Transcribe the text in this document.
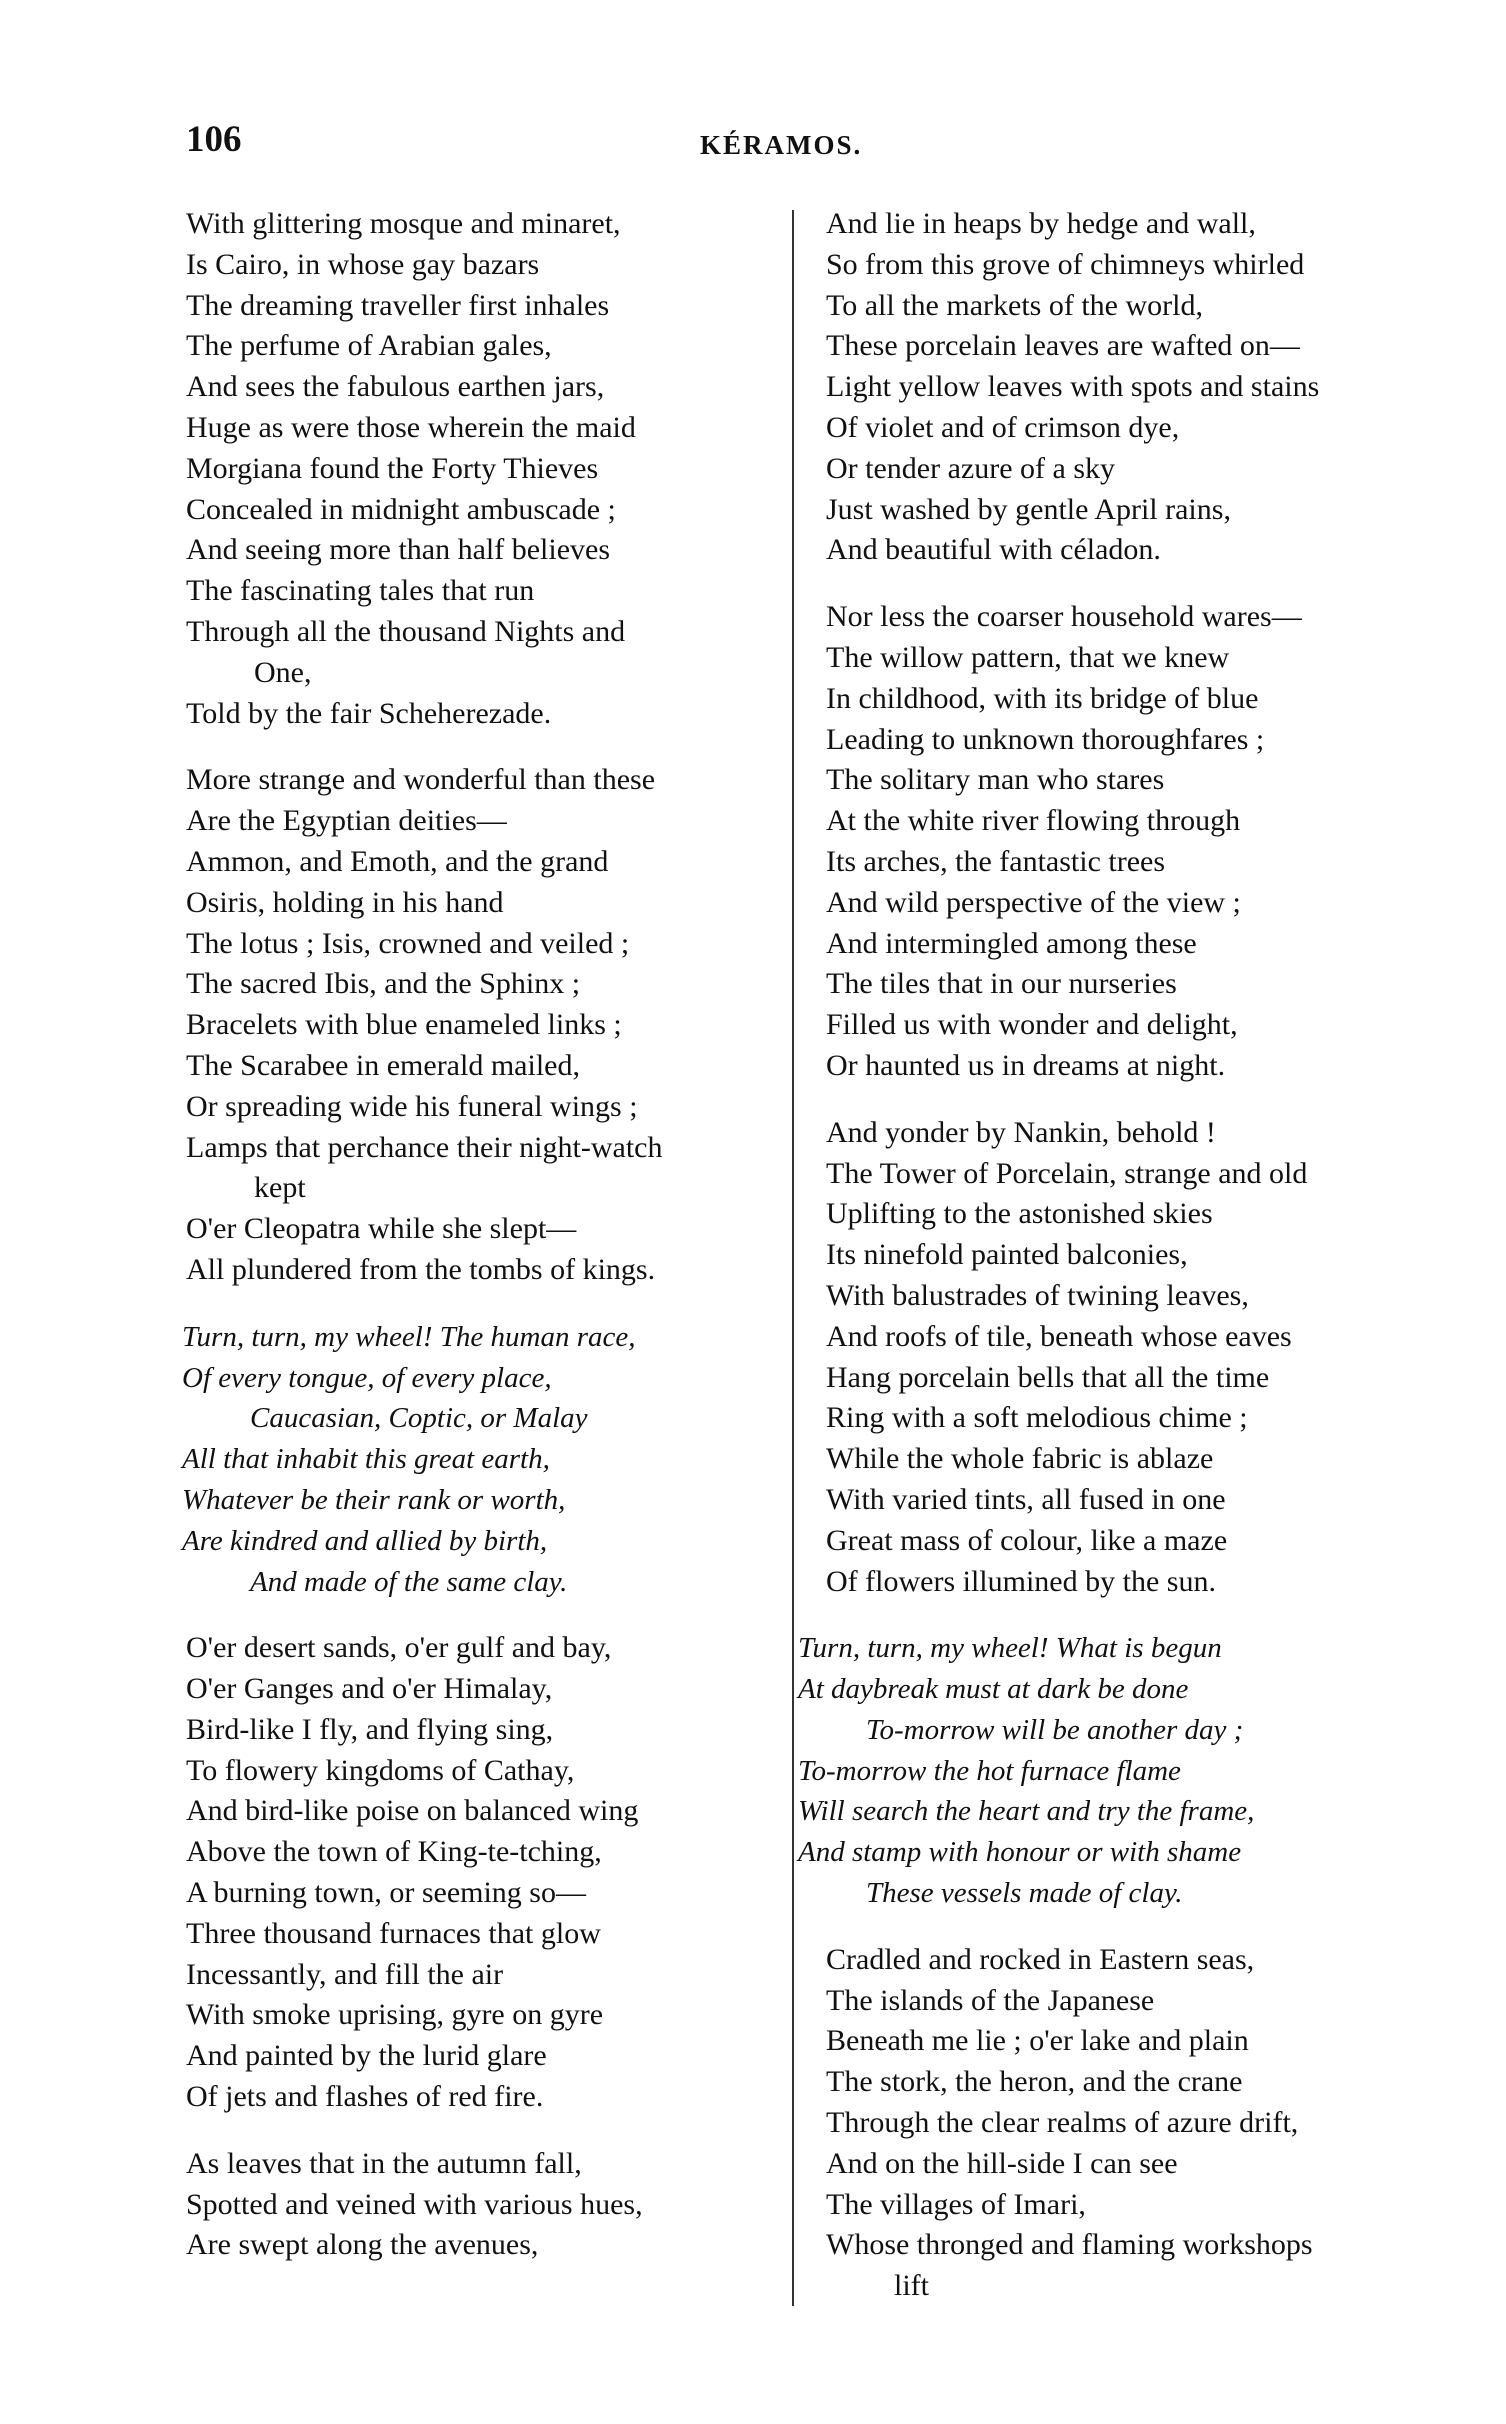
106	KÉRAMOS.
With glittering mosque and minaret,
Is Cairo, in whose gay bazars
The dreaming traveller first inhales
The perfume of Arabian gales,
And sees the fabulous earthen jars,
Huge as were those wherein the maid
Morgiana found the Forty Thieves
Concealed in midnight ambuscade ;
And seeing more than half believes
The fascinating tales that run
Through all the thousand Nights and
One,
Told by the fair Scheherezade.
More strange and wonderful than these
Are the Egyptian deities—
Ammon, and Emoth, and the grand
Osiris, holding in his hand
The lotus ; Isis, crowned and veiled ;
The sacred Ibis, and the Sphinx ;
Bracelets with blue enameled links ;
The Scarabee in emerald mailed,
Or spreading wide his funeral wings ;
Lamps that perchance their night-watch
kept
O'er Cleopatra while she slept—
All plundered from the tombs of kings.
Turn, turn, my wheel! The human race,
Of every tongue, of every place,
Caucasian, Coptic, or Malay
All that inhabit this great earth,
Whatever be their rank or worth,
Are kindred and allied by birth,
And made of the same clay.
O'er desert sands, o'er gulf and bay,
O'er Ganges and o'er Himalay,
Bird-like I fly, and flying sing,
To flowery kingdoms of Cathay,
And bird-like poise on balanced wing
Above the town of King-te-tching,
A burning town, or seeming so—
Three thousand furnaces that glow
Incessantly, and fill the air
With smoke uprising, gyre on gyre
And painted by the lurid glare
Of jets and flashes of red fire.
As leaves that in the autumn fall,
Spotted and veined with various hues,
Are swept along the avenues,
And lie in heaps by hedge and wall,
So from this grove of chimneys whirled
To all the markets of the world,
These porcelain leaves are wafted on—
Light yellow leaves with spots and stains
Of violet and of crimson dye,
Or tender azure of a sky
Just washed by gentle April rains,
And beautiful with céladon.
Nor less the coarser household wares—
The willow pattern, that we knew
In childhood, with its bridge of blue
Leading to unknown thoroughfares ;
The solitary man who stares
At the white river flowing through
Its arches, the fantastic trees
And wild perspective of the view ;
And intermingled among these
The tiles that in our nurseries
Filled us with wonder and delight,
Or haunted us in dreams at night.
And yonder by Nankin, behold !
The Tower of Porcelain, strange and old
Uplifting to the astonished skies
Its ninefold painted balconies,
With balustrades of twining leaves,
And roofs of tile, beneath whose eaves
Hang porcelain bells that all the time
Ring with a soft melodious chime ;
While the whole fabric is ablaze
With varied tints, all fused in one
Great mass of colour, like a maze
Of flowers illumined by the sun.
Turn, turn, my wheel! What is begun
At daybreak must at dark be done
To-morrow will be another day ;
To-morrow the hot furnace flame
Will search the heart and try the frame,
And stamp with honour or with shame
These vessels made of clay.
Cradled and rocked in Eastern seas,
The islands of the Japanese
Beneath me lie ; o'er lake and plain
The stork, the heron, and the crane
Through the clear realms of azure drift,
And on the hill-side I can see
The villages of Imari,
Whose thronged and flaming workshops
lift
